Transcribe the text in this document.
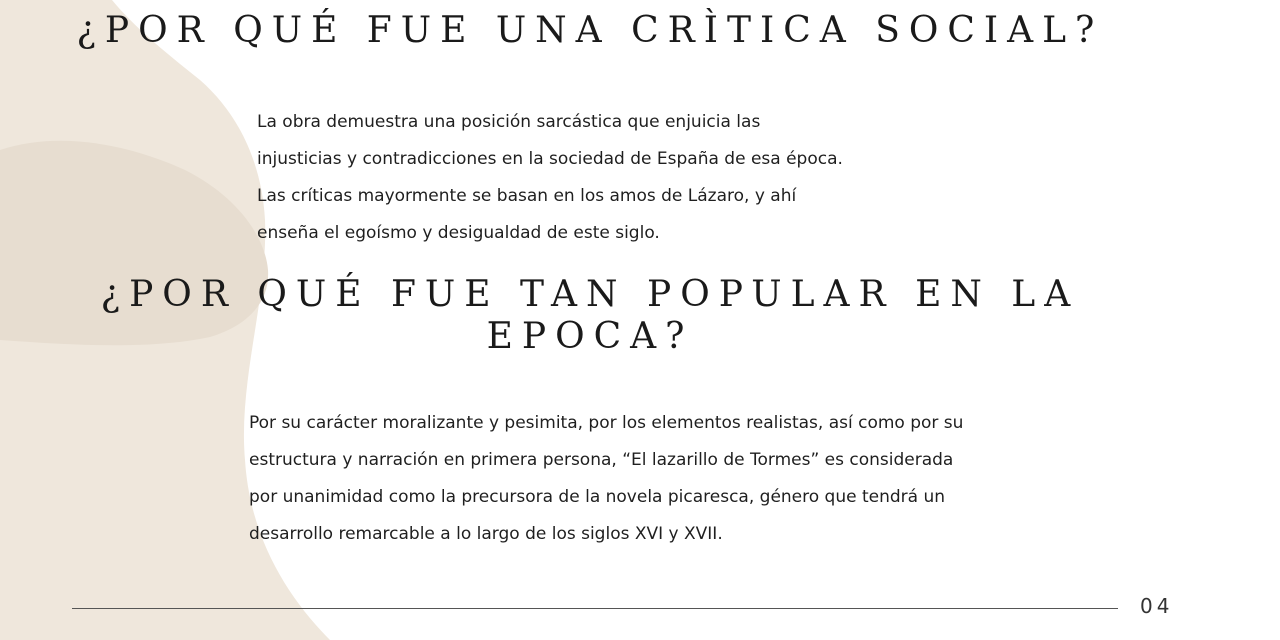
¿POR QUÉ FUE UNA CRÌTICA SOCIAL?
La obra demuestra una posición sarcástica que enjuicia las
injusticias y contradicciones en la sociedad de España de esa época.
Las críticas mayormente se basan en los amos de Lázaro, y ahí
enseña el egoísmo y desigualdad de este siglo.
¿POR QUÉ FUE TAN POPULAR EN LA
EPOCA?
Por su carácter moralizante y pesimita, por los elementos realistas, así como por su
estructura y narración en primera persona, “El lazarillo de Tormes” es considerada
por unanimidad como la precursora de la novela picaresca, género que tendrá un
desarrollo remarcable a lo largo de los siglos XVI y XVII.
04
